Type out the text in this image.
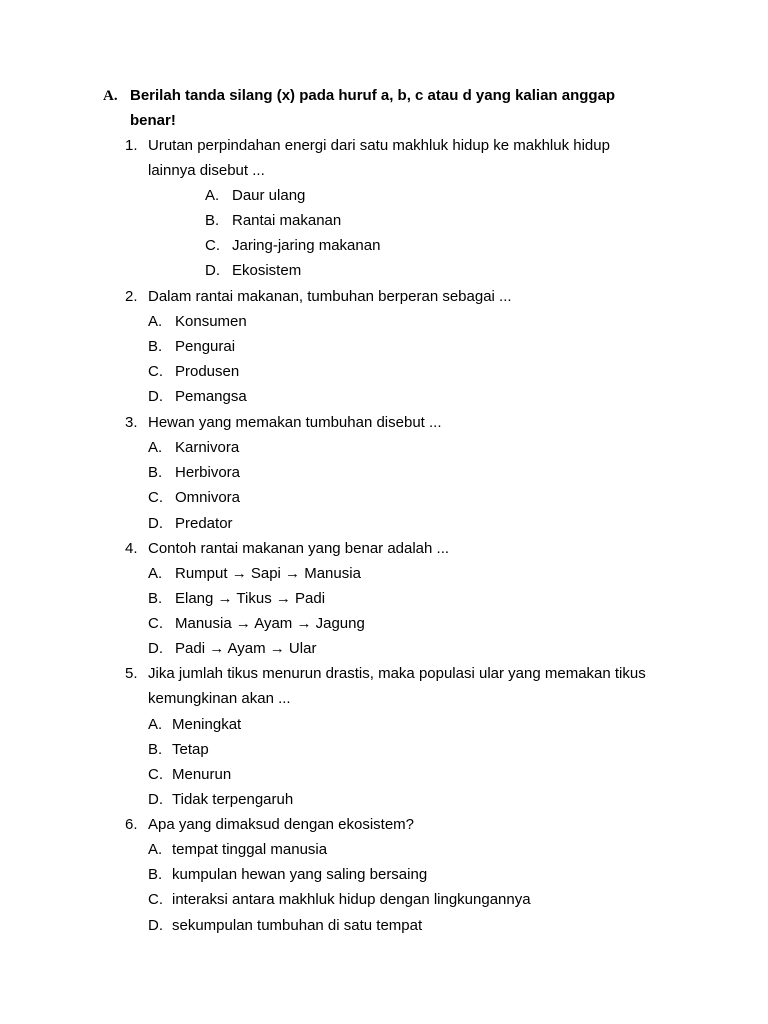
A. Berilah tanda silang (x) pada huruf a, b, c atau d yang kalian anggap
benar!
1. Urutan perpindahan energi dari satu makhluk hidup ke makhluk hidup
lainnya disebut ...
A. Daur ulang
B. Rantai makanan
C. Jaring-jaring makanan
D. Ekosistem
2. Dalam rantai makanan, tumbuhan berperan sebagai ...
A. Konsumen
B. Pengurai
C. Produsen
D. Pemangsa
3. Hewan yang memakan tumbuhan disebut ...
A. Karnivora
B. Herbivora
C. Omnivora
D. Predator
4. Contoh rantai makanan yang benar adalah ...
A. Rumput → Sapi → Manusia
B. Elang → Tikus → Padi
C. Manusia → Ayam → Jagung
D. Padi → Ayam → Ular
5. Jika jumlah tikus menurun drastis, maka populasi ular yang memakan tikus
kemungkinan akan ...
A. Meningkat
B. Tetap
C. Menurun
D. Tidak terpengaruh
6. Apa yang dimaksud dengan ekosistem?
A. tempat tinggal manusia
B. kumpulan hewan yang saling bersaing
C. interaksi antara makhluk hidup dengan lingkungannya
D. sekumpulan tumbuhan di satu tempat
